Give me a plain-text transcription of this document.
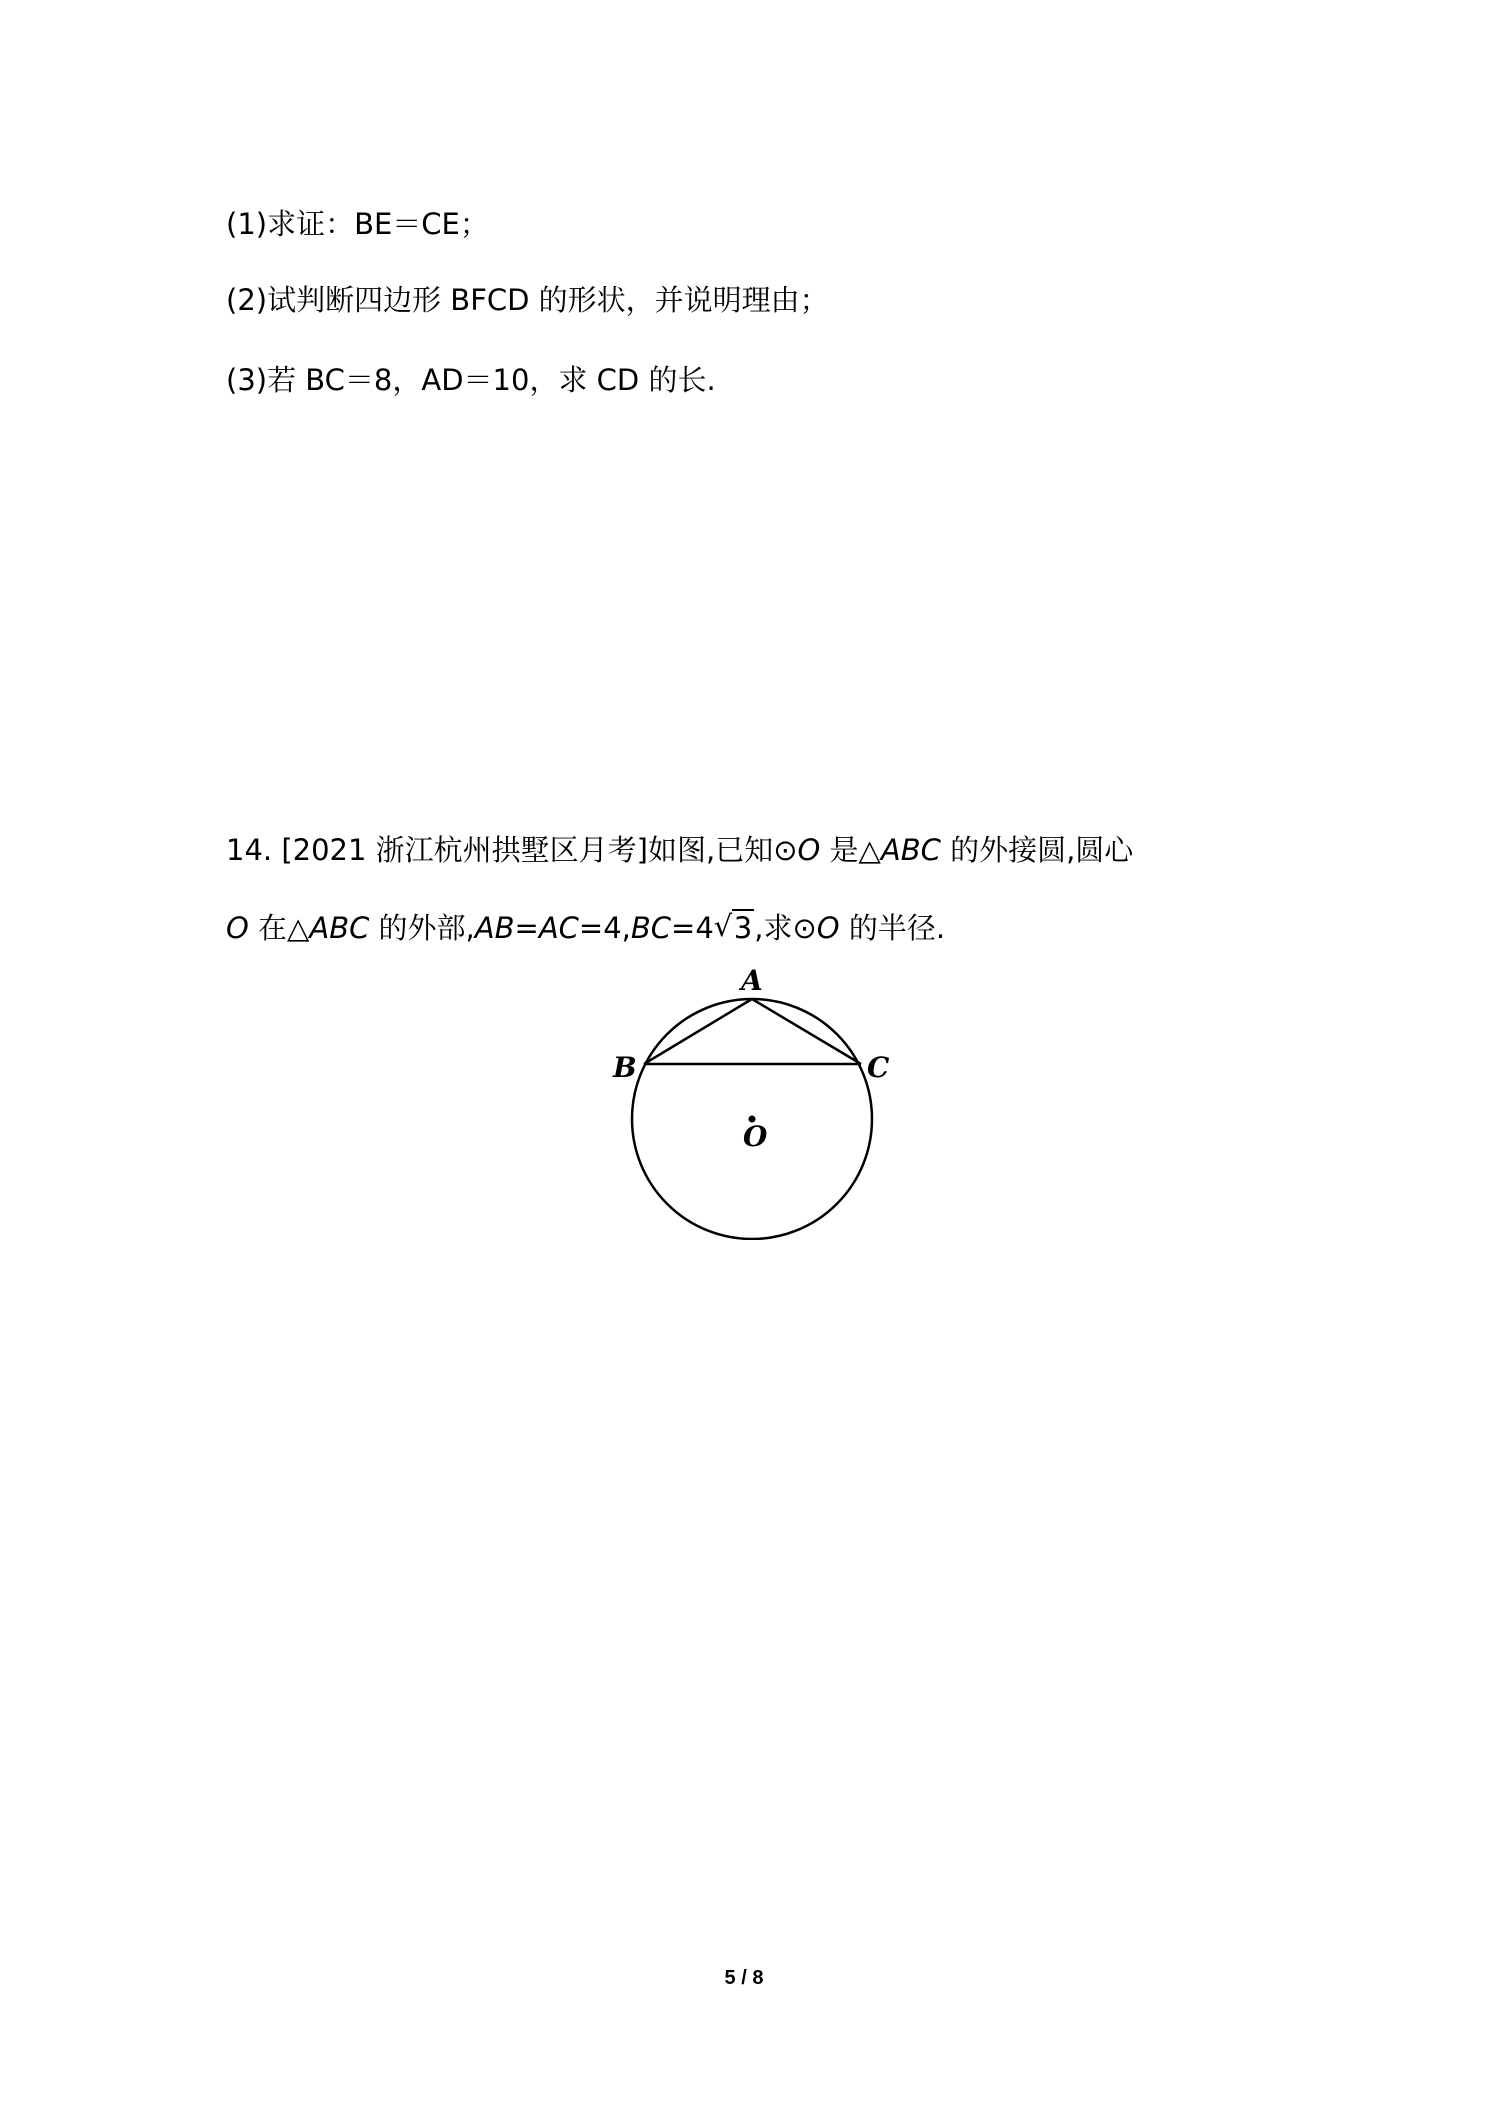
(1)求证：BE＝CE；
(2)试判断四边形 BFCD 的形状，并说明理由；
(3)若 BC＝8，AD＝10，求 CD 的长.
14. [2021 浙江杭州拱墅区月考]如图,已知⊙O 是△ABC 的外接圆,圆心
O 在△ABC 的外部,AB=AC=4,BC=4 √ 3,求⊙O 的半径.
A
B	C
O
5 / 8
